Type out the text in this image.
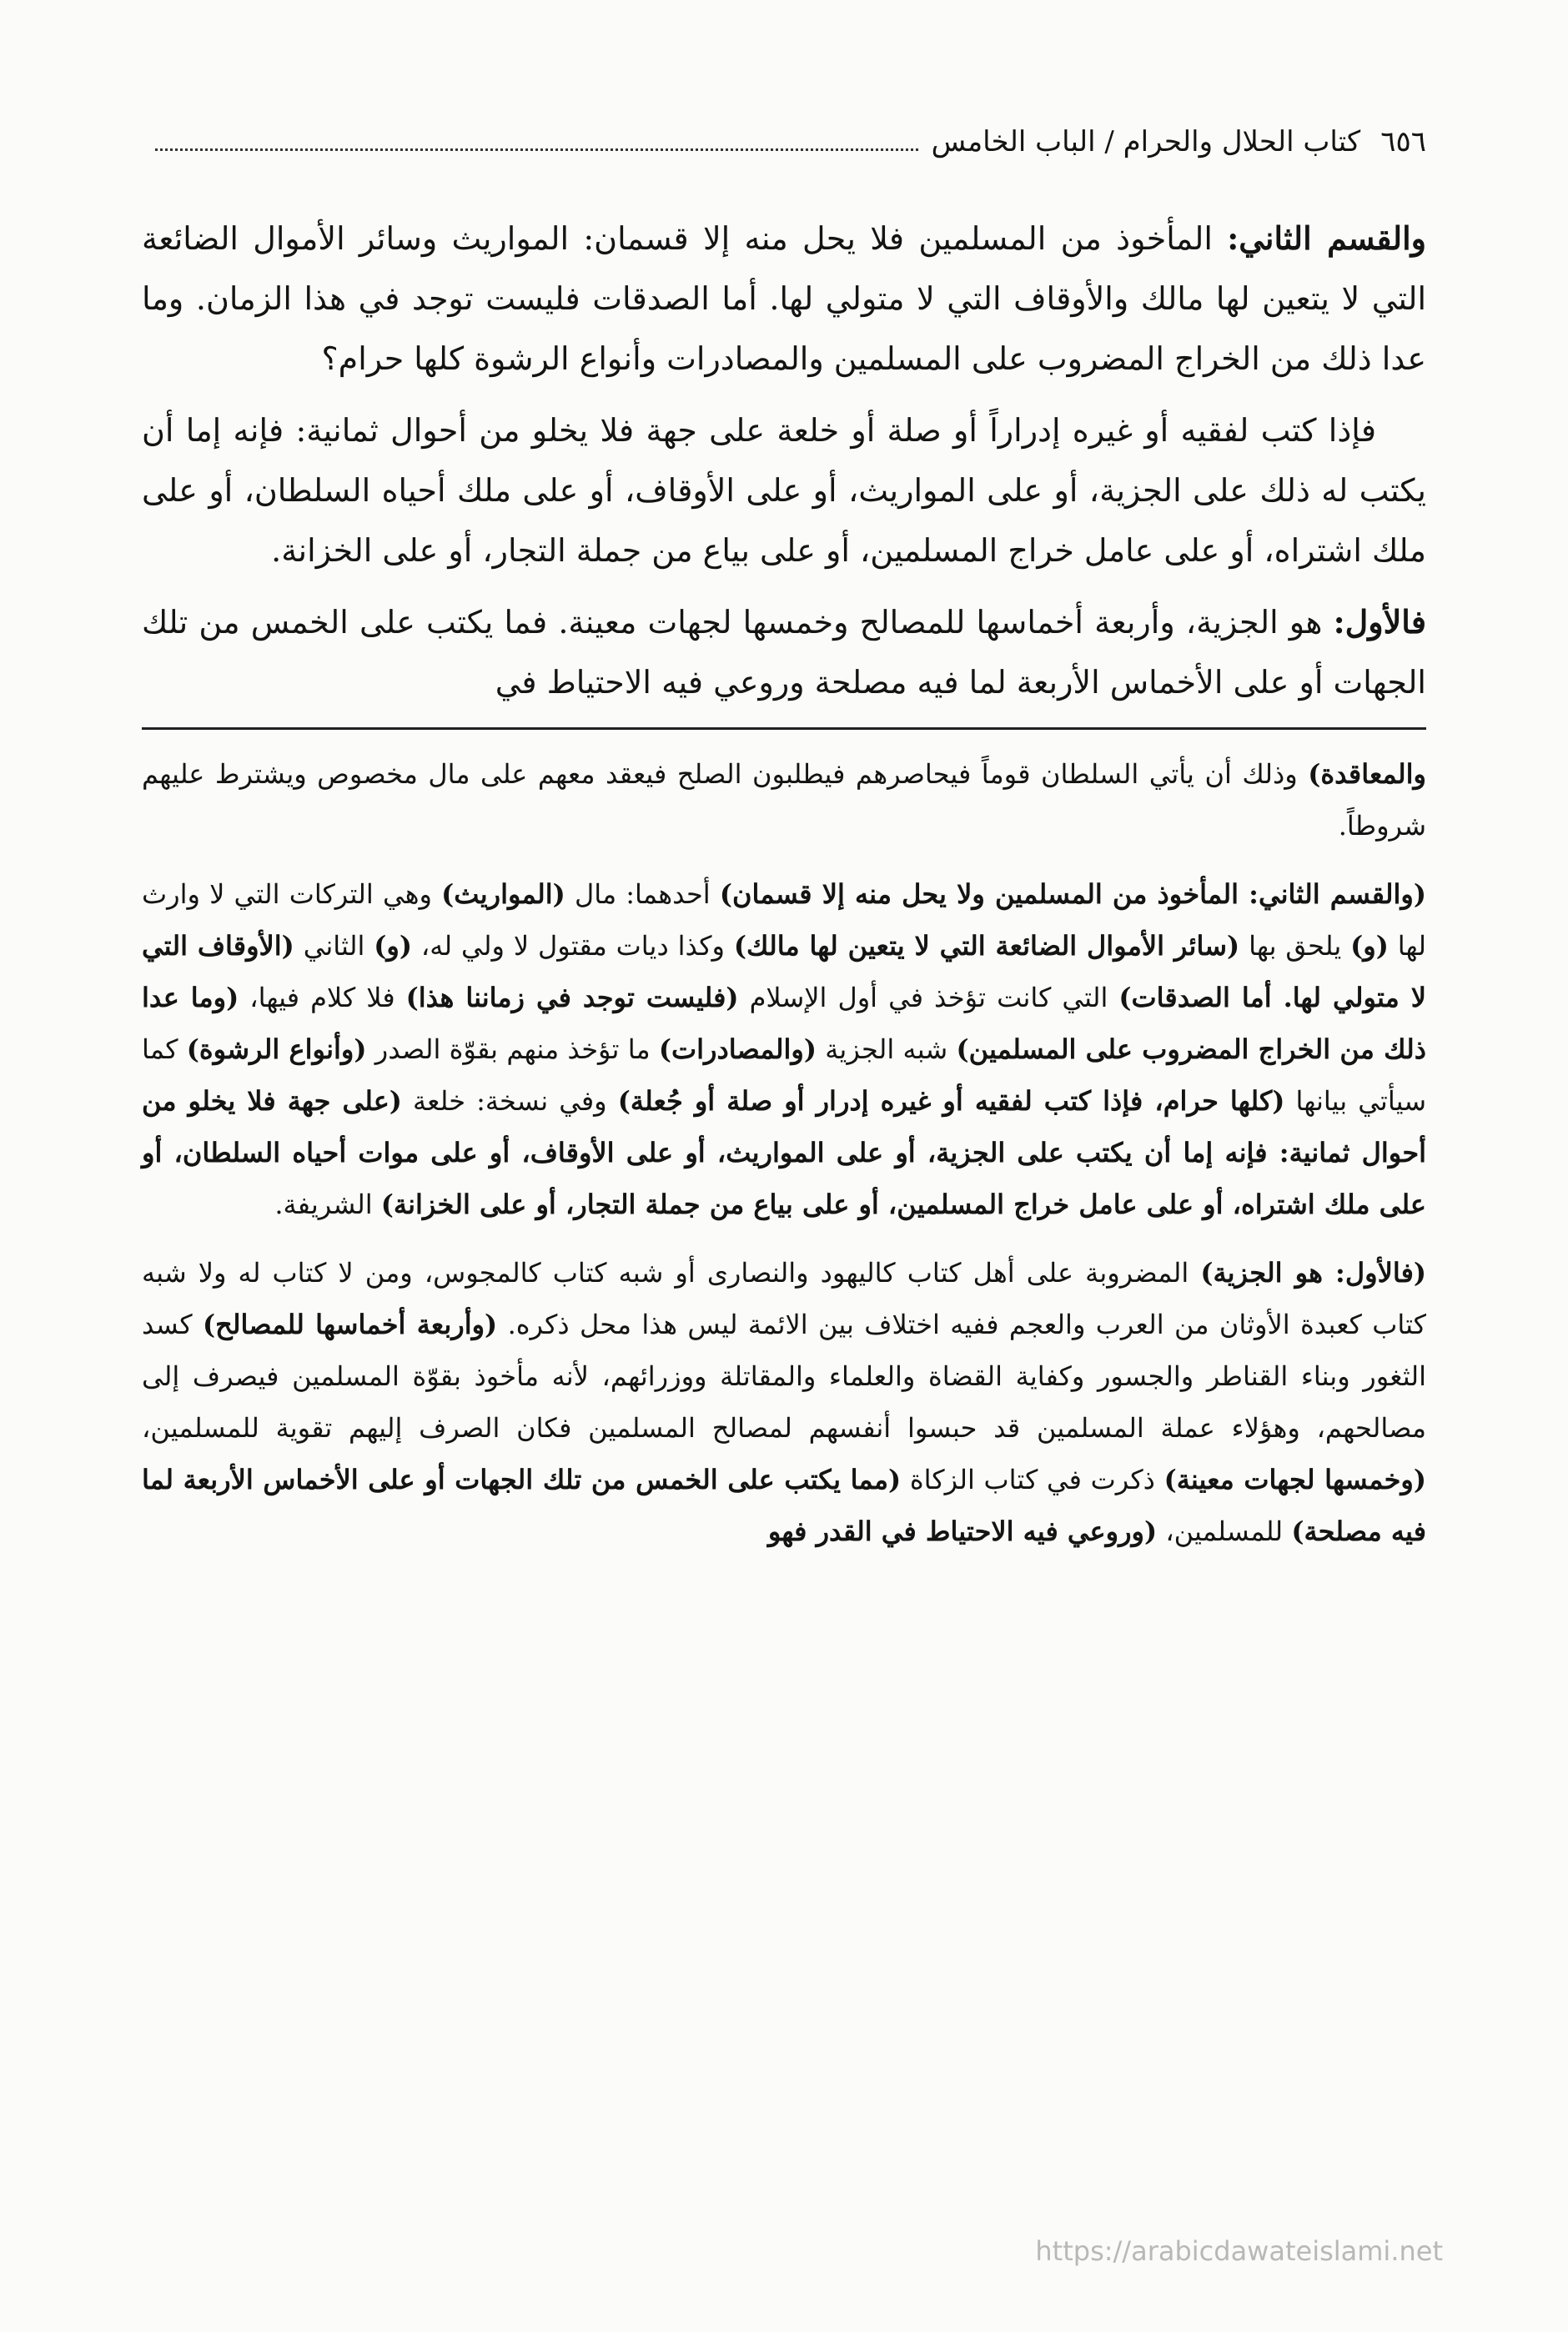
٦٥٦
كتاب الحلال والحرام / الباب الخامس

والقسم الثاني: المأخوذ من المسلمين فلا يحل منه إلا قسمان: المواريث وسائر الأموال الضائعة التي لا يتعين لها مالك والأوقاف التي لا متولي لها. أما الصدقات فليست توجد في هذا الزمان. وما عدا ذلك من الخراج المضروب على المسلمين والمصادرات وأنواع الرشوة كلها حرام؟

فإذا كتب لفقيه أو غيره إدراراً أو صلة أو خلعة على جهة فلا يخلو من أحوال ثمانية: فإنه إما أن يكتب له ذلك على الجزية، أو على المواريث، أو على الأوقاف، أو على ملك أحياه السلطان، أو على ملك اشتراه، أو على عامل خراج المسلمين، أو على بياع من جملة التجار، أو على الخزانة.

فالأول: هو الجزية، وأربعة أخماسها للمصالح وخمسها لجهات معينة. فما يكتب على الخمس من تلك الجهات أو على الأخماس الأربعة لما فيه مصلحة وروعي فيه الاحتياط في

والمعاقدة) وذلك أن يأتي السلطان قوماً فيحاصرهم فيطلبون الصلح فيعقد معهم على مال مخصوص ويشترط عليهم شروطاً.

(والقسم الثاني: المأخوذ من المسلمين ولا يحل منه إلا قسمان) أحدهما: مال (المواريث) وهي التركات التي لا وارث لها (و) يلحق بها (سائر الأموال الضائعة التي لا يتعين لها مالك) وكذا ديات مقتول لا ولي له، (و) الثاني (الأوقاف التي لا متولي لها. أما الصدقات) التي كانت تؤخذ في أول الإسلام (فليست توجد في زماننا هذا) فلا كلام فيها، (وما عدا ذلك من الخراج المضروب على المسلمين) شبه الجزية (والمصادرات) ما تؤخذ منهم بقوّة الصدر (وأنواع الرشوة) كما سيأتي بيانها (كلها حرام، فإذا كتب لفقيه أو غيره إدرار أو صلة أو جُعلة) وفي نسخة: خلعة (على جهة فلا يخلو من أحوال ثمانية: فإنه إما أن يكتب على الجزية، أو على المواريث، أو على الأوقاف، أو على موات أحياه السلطان، أو على ملك اشتراه، أو على عامل خراج المسلمين، أو على بياع من جملة التجار، أو على الخزانة) الشريفة.

(فالأول: هو الجزية) المضروبة على أهل كتاب كاليهود والنصارى أو شبه كتاب كالمجوس، ومن لا كتاب له ولا شبه كتاب كعبدة الأوثان من العرب والعجم ففيه اختلاف بين الائمة ليس هذا محل ذكره. (وأربعة أخماسها للمصالح) كسد الثغور وبناء القناطر والجسور وكفاية القضاة والعلماء والمقاتلة ووزرائهم، لأنه مأخوذ بقوّة المسلمين فيصرف إلى مصالحهم، وهؤلاء عملة المسلمين قد حبسوا أنفسهم لمصالح المسلمين فكان الصرف إليهم تقوية للمسلمين، (وخمسها لجهات معينة) ذكرت في كتاب الزكاة (مما يكتب على الخمس من تلك الجهات أو على الأخماس الأربعة لما فيه مصلحة) للمسلمين، (وروعي فيه الاحتياط في القدر فهو

https://arabicdawateislami.net
